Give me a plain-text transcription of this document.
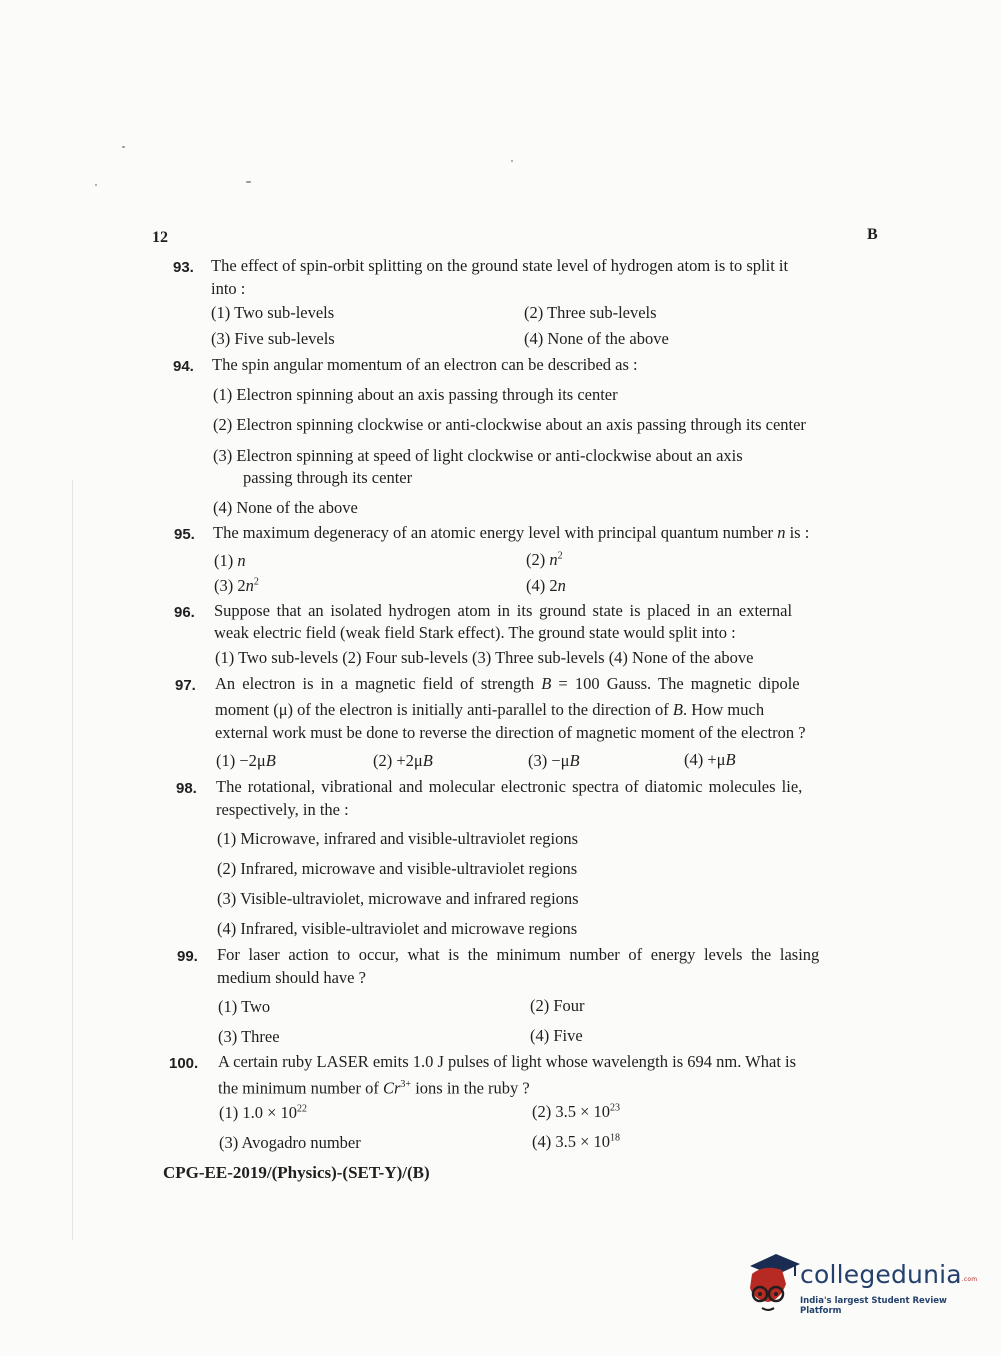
12	B
93. The effect of spin-orbit splitting on the ground state level of hydrogen atom is to split it
into :
(1) Two sub-levels	(2) Three sub-levels
(3) Five sub-levels	(4) None of the above
94. The spin angular momentum of an electron can be described as :
(1) Electron spinning about an axis passing through its center
(2) Electron spinning clockwise or anti-clockwise about an axis passing through its center
(3) Electron spinning at speed of light clockwise or anti-clockwise about an axis
passing through its center
(4) None of the above
95. The maximum degeneracy of an atomic energy level with principal quantum number n is :
(1) n	(2) $n^2$
(3) $2n^2$	(4) 2n
96. Suppose that an isolated hydrogen atom in its ground state is placed in an external
weak electric field (weak field Stark effect). The ground state would split into :
(1) Two sub-levels (2) Four sub-levels (3) Three sub-levels (4) None of the above
97. An electron is in a magnetic field of strength B = 100 Gauss. The magnetic dipole
moment (μ) of the electron is initially anti-parallel to the direction of B. How much
external work must be done to reverse the direction of magnetic moment of the electron ?
(1) −2μB	(2) +2μB	(3) −μB	(4) +μB
98. The rotational, vibrational and molecular electronic spectra of diatomic molecules lie,
respectively, in the :
(1) Microwave, infrared and visible-ultraviolet regions
(2) Infrared, microwave and visible-ultraviolet regions
(3) Visible-ultraviolet, microwave and infrared regions
(4) Infrared, visible-ultraviolet and microwave regions
99. For laser action to occur, what is the minimum number of energy levels the lasing
medium should have ?
(1) Two	(2) Four
(3) Three	(4) Five
100. A certain ruby LASER emits 1.0 J pulses of light whose wavelength is 694 nm. What is
the minimum number of $Cr^{3+}$ ions in the ruby ?
(1) $1.0 \times 10^{22}$	(2) $3.5 \times 10^{23}$
(3) Avogadro number	(4) $3.5 \times 10^{18}$
CPG-EE-2019/(Physics)-(SET-Y)/(B)
collegedunia.com
India's largest Student Review Platform
